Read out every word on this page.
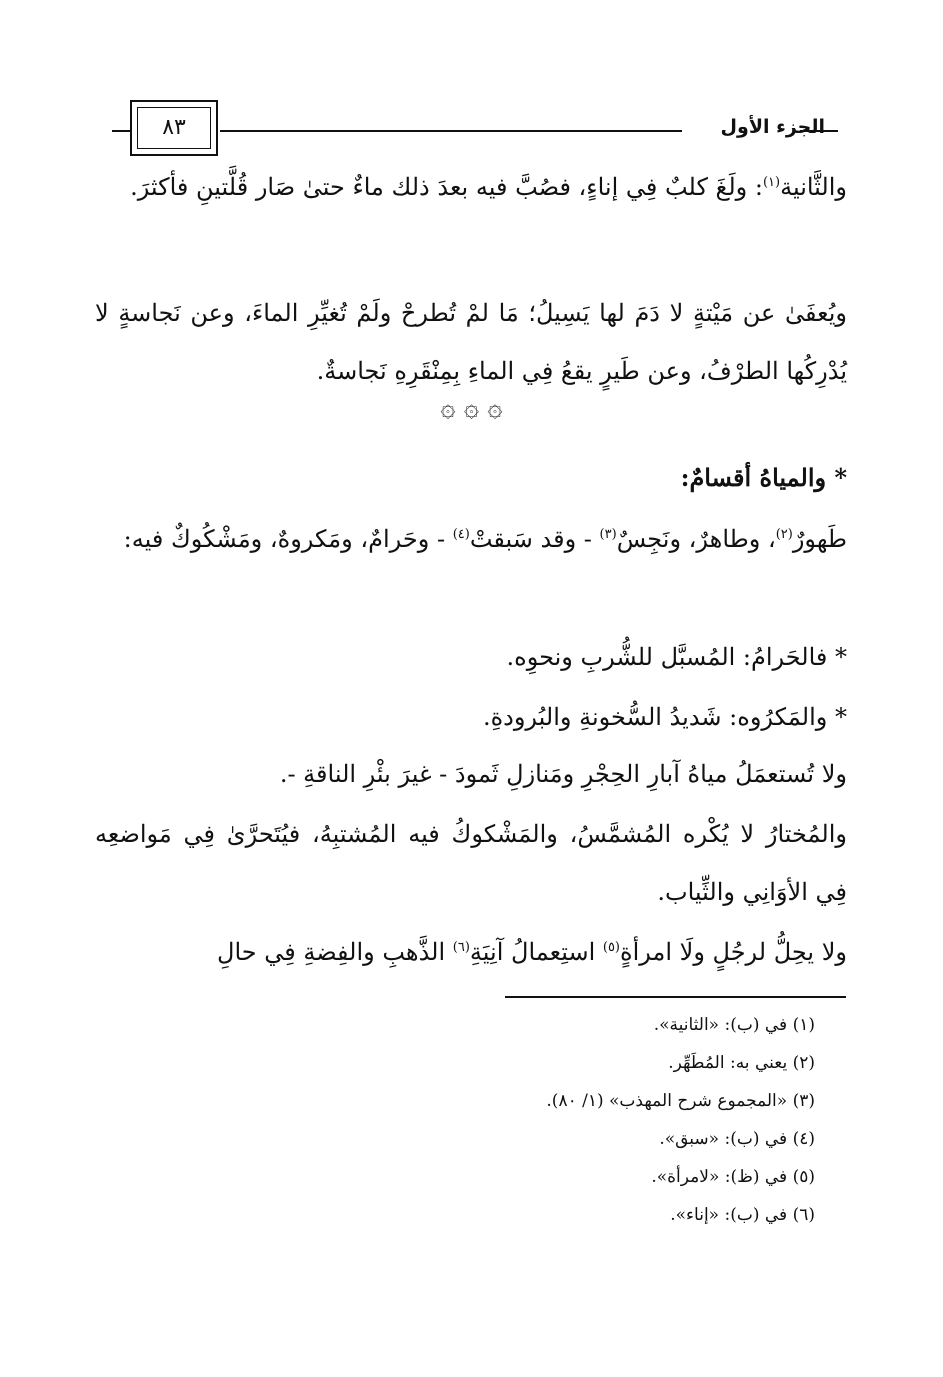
الجزء الأول
٨٣
والثَّانية$^{(١)}$: ولَغَ كلبٌ فِي إناءٍ، فصُبَّ فيه بعدَ ذلك ماءٌ حتىٰ صَار قُلَّتينِ فأكثرَ.
ويُعفَىٰ عن مَيْتةٍ لا دَمَ لها يَسِيلُ؛ مَا لمْ تُطرحْ ولَمْ تُغيِّرِ الماءَ، وعن نَجاسةٍ لا يُدْرِكُها الطرْفُ، وعن طَيرٍ يقعُ فِي الماءِ بِمِنْقَرِهِ نَجاسةٌ.
۞ ۞ ۞
* والمياهُ أقسامٌ:
طَهورٌ$^{(٢)}$، وطاهرٌ، ونَجِسٌ$^{(٣)}$ - وقد سَبقتْ$^{(٤)}$ - وحَرامٌ، ومَكروهٌ، ومَشْكُوكٌ فيه:
* فالحَرامُ: المُسبَّل للشُّربِ ونحوِه.
* والمَكرُوه: شَديدُ السُّخونةِ والبُرودةِ.
ولا تُستعمَلُ مياهُ آبارِ الحِجْرِ ومَنازلِ ثَمودَ - غيرَ بئْرِ الناقةِ -.
والمُختارُ لا يُكْره المُشمَّسُ، والمَشْكوكُ فيه المُشتبِهُ، فيُتَحرَّىٰ فِي مَواضعِه فِي الأوَانِي والثِّياب.
ولا يحِلُّ لرجُلٍ ولَا امرأةٍ$^{(٥)}$ استِعمالُ آنِيَةِ$^{(٦)}$ الذَّهبِ والفِضةِ فِي حالِ
(١) في (ب): «الثانية».
(٢) يعني به: المُطَهِّر.
(٣) «المجموع شرح المهذب» (١/ ٨٠).
(٤) في (ب): «سبق».
(٥) في (ظ): «لامرأة».
(٦) في (ب): «إناء».
